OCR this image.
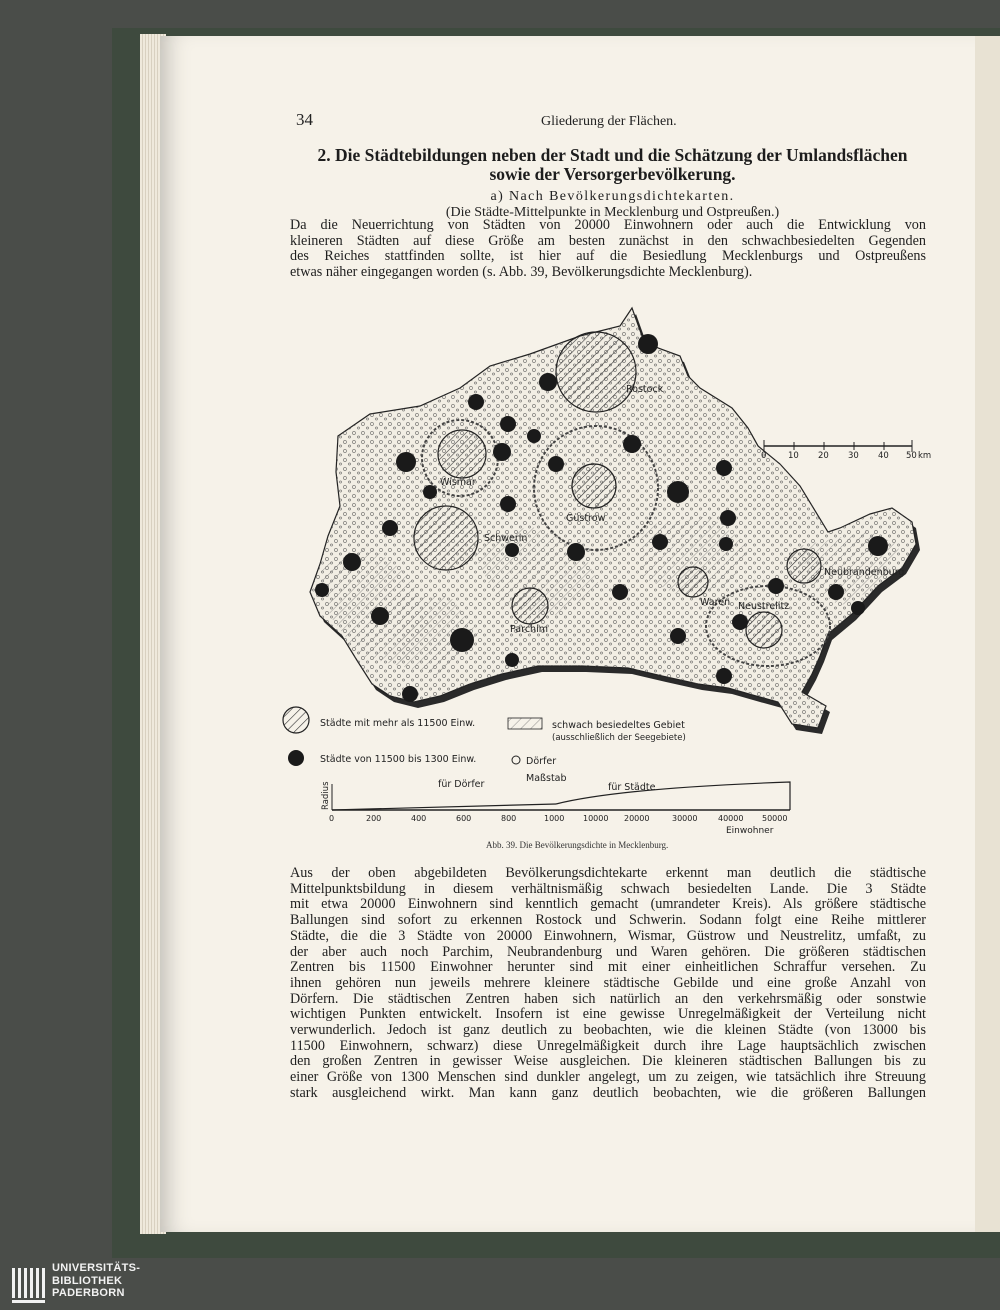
34	Gliederung der Flächen.
2. Die Städtebildungen neben der Stadt und die Schätzung der Umlandsflächen
sowie der Versorgerbevölkerung.
a) Nach Bevölkerungsdichtekarten.
(Die Städte-Mittelpunkte in Mecklenburg und Ostpreußen.)
Da die Neuerrichtung von Städten von 20000 Einwohnern oder auch die Entwicklung von
kleineren Städten auf diese Größe am besten zunächst in den schwachbesiedelten Gegenden
des Reiches stattfinden sollte, ist hier auf die Besiedlung Mecklenburgs und Ostpreußens
etwas näher eingegangen worden (s. Abb. 39, Bevölkerungsdichte Mecklenburg).
Rostock
Wismar
Güstrow
Schwerin
Parchim
Waren Neustrelitz
Neubrandenburg
0	10 20 30 40 50 km
Städte mit mehr als 11500 Einw.	schwach besiedeltes Gebiet
(ausschließlich der Seegebiete)
Städte von 11500 bis 1300 Einw.	Dörfer
Maßstab
Radius	für Dörfer	für Städte
0	200	400	600	800	1000 10000 20000	30000	40000 50000
Einwohner
Abb. 39. Die Bevölkerungsdichte in Mecklenburg.
Aus der oben abgebildeten Bevölkerungsdichtekarte erkennt man deutlich die städtische
Mittelpunktsbildung in diesem verhältnismäßig schwach besiedelten Lande. Die 3 Städte
mit etwa 20000 Einwohnern sind kenntlich gemacht (umrandeter Kreis). Als größere städtische
Ballungen sind sofort zu erkennen Rostock und Schwerin. Sodann folgt eine Reihe mittlerer
Städte, die die 3 Städte von 20000 Einwohnern, Wismar, Güstrow und Neustrelitz, umfaßt, zu
der aber auch noch Parchim, Neubrandenburg und Waren gehören. Die größeren städtischen
Zentren bis 11500 Einwohner herunter sind mit einer einheitlichen Schraffur versehen. Zu
ihnen gehören nun jeweils mehrere kleinere städtische Gebilde und eine große Anzahl von
Dörfern. Die städtischen Zentren haben sich natürlich an den verkehrsmäßig oder sonstwie
wichtigen Punkten entwickelt. Insofern ist eine gewisse Unregelmäßigkeit der Verteilung nicht
verwunderlich. Jedoch ist ganz deutlich zu beobachten, wie die kleinen Städte (von 13000 bis
11500 Einwohnern, schwarz) diese Unregelmäßigkeit durch ihre Lage hauptsächlich zwischen
den großen Zentren in gewisser Weise ausgleichen. Die kleineren städtischen Ballungen bis zu
einer Größe von 1300 Menschen sind dunkler angelegt, um zu zeigen, wie tatsächlich ihre Streuung
stark ausgleichend wirkt. Man kann ganz deutlich beobachten, wie die größeren Ballungen
UNIVERSITÄTS-
BIBLIOTHEK
PADERBORN
